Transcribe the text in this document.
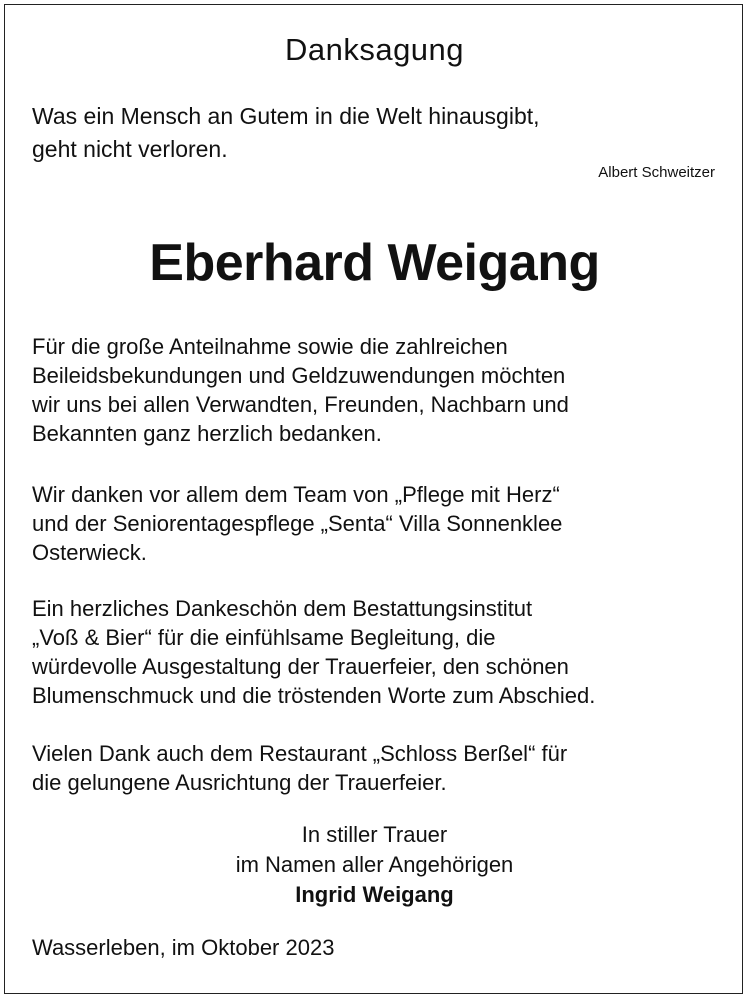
Danksagung

Was ein Mensch an Gutem in die Welt hinausgibt,

geht nicht verloren.

Albert Schweitzer
Eberhard Weigang

Für die große Anteilnahme sowie die zahlreichen

Beileidsbekundungen und Geldzuwendungen möchten

wir uns bei allen Verwandten, Freunden, Nachbarn und

Bekannten ganz herzlich bedanken.

Wir danken vor allem dem Team von „Pflege mit Herz“

und der Seniorentagespflege „Senta“ Villa Sonnenklee

Osterwieck.

Ein herzliches Dankeschön dem Bestattungsinstitut

„Voß & Bier“ für die einfühlsame Begleitung, die

würdevolle Ausgestaltung der Trauerfeier, den schönen

Blumenschmuck und die tröstenden Worte zum Abschied.

Vielen Dank auch dem Restaurant „Schloss Berßel“ für

die gelungene Ausrichtung der Trauerfeier.

In stiller Trauer

im Namen aller Angehörigen

Ingrid Weigang

Wasserleben, im Oktober 2023
